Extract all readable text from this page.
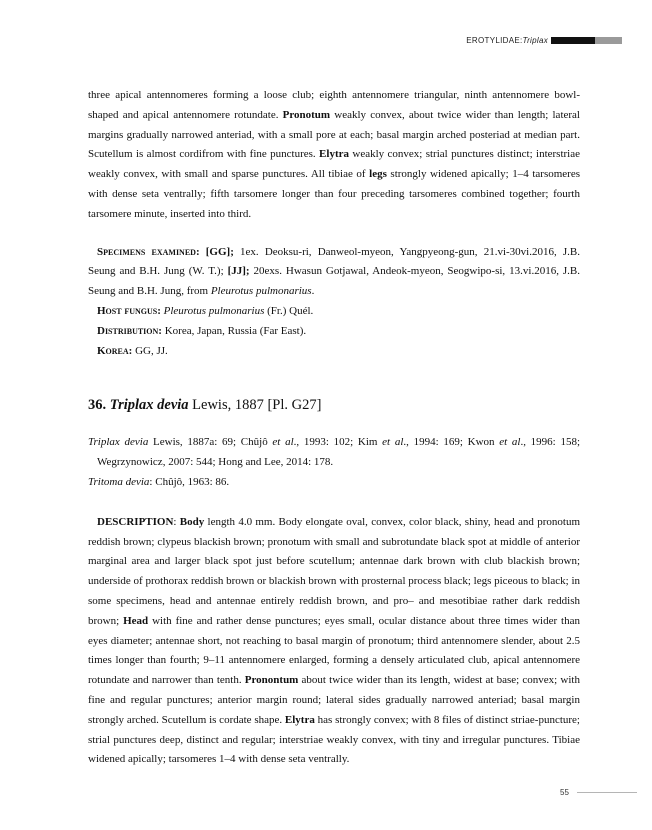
EROTYLIDAE: Triplax

three apical antennomeres forming a loose club; eighth antennomere triangular, ninth antennomere bowl-shaped and apical antennomere rotundate. Pronotum weakly convex, about twice wider than length; lateral margins gradually narrowed anteriad, with a small pore at each; basal margin arched posteriad at median part. Scutellum is almost cordifrom with fine punctures. Elytra weakly convex; strial punctures distinct; interstriae weakly convex, with small and sparse punctures. All tibiae of legs strongly widened apically; 1–4 tarsomeres with dense seta ventrally; fifth tarsomere longer than four preceding tarsomeres combined together; fourth tarsomere minute, inserted into third.

Specimens examined: [GG]; 1ex. Deoksu-ri, Danweol-myeon, Yangpyeong-gun, 21.vi-30vi.2016, J.B. Seung and B.H. Jung (W. T.); [JJ]; 20exs. Hwasun Gotjawal, Andeok-myeon, Seogwipo-si, 13.vi.2016, J.B. Seung and B.H. Jung, from Pleurotus pulmonarius.

Host fungus: Pleurotus pulmonarius (Fr.) Quél.

Distribution: Korea, Japan, Russia (Far East).

Korea: GG, JJ.

36. Triplax devia Lewis, 1887 [Pl. G27]

Triplax devia Lewis, 1887a: 69; Chûjô et al., 1993: 102; Kim et al., 1994: 169; Kwon et al., 1996: 158; Wegrzynowicz, 2007: 544; Hong and Lee, 2014: 178.

Tritoma devia: Chûjô, 1963: 86.

DESCRIPTION: Body length 4.0 mm. Body elongate oval, convex, color black, shiny, head and pronotum reddish brown; clypeus blackish brown; pronotum with small and subrotundate black spot at middle of anterior marginal area and larger black spot just before scutellum; antennae dark brown with club blackish brown; underside of prothorax reddish brown or blackish brown with prosternal process black; legs piceous to black; in some specimens, head and antennae entirely reddish brown, and pro– and mesotibiae rather dark reddish brown; Head with fine and rather dense punctures; eyes small, ocular distance about three times wider than eyes diameter; antennae short, not reaching to basal margin of pronotum; third antennomere slender, about 2.5 times longer than fourth; 9–11 antennomere enlarged, forming a densely articulated club, apical antennomere rotundate and narrower than tenth. Pronontum about twice wider than its length, widest at base; convex; with fine and regular punctures; anterior margin round; lateral sides gradually narrowed anteriad; basal margin strongly arched. Scutellum is cordate shape. Elytra has strongly convex; with 8 files of distinct striae-puncture; strial punctures deep, distinct and regular; interstriae weakly convex, with tiny and irregular punctures. Tibiae widened apically; tarsomeres 1–4 with dense seta ventrally.

55
